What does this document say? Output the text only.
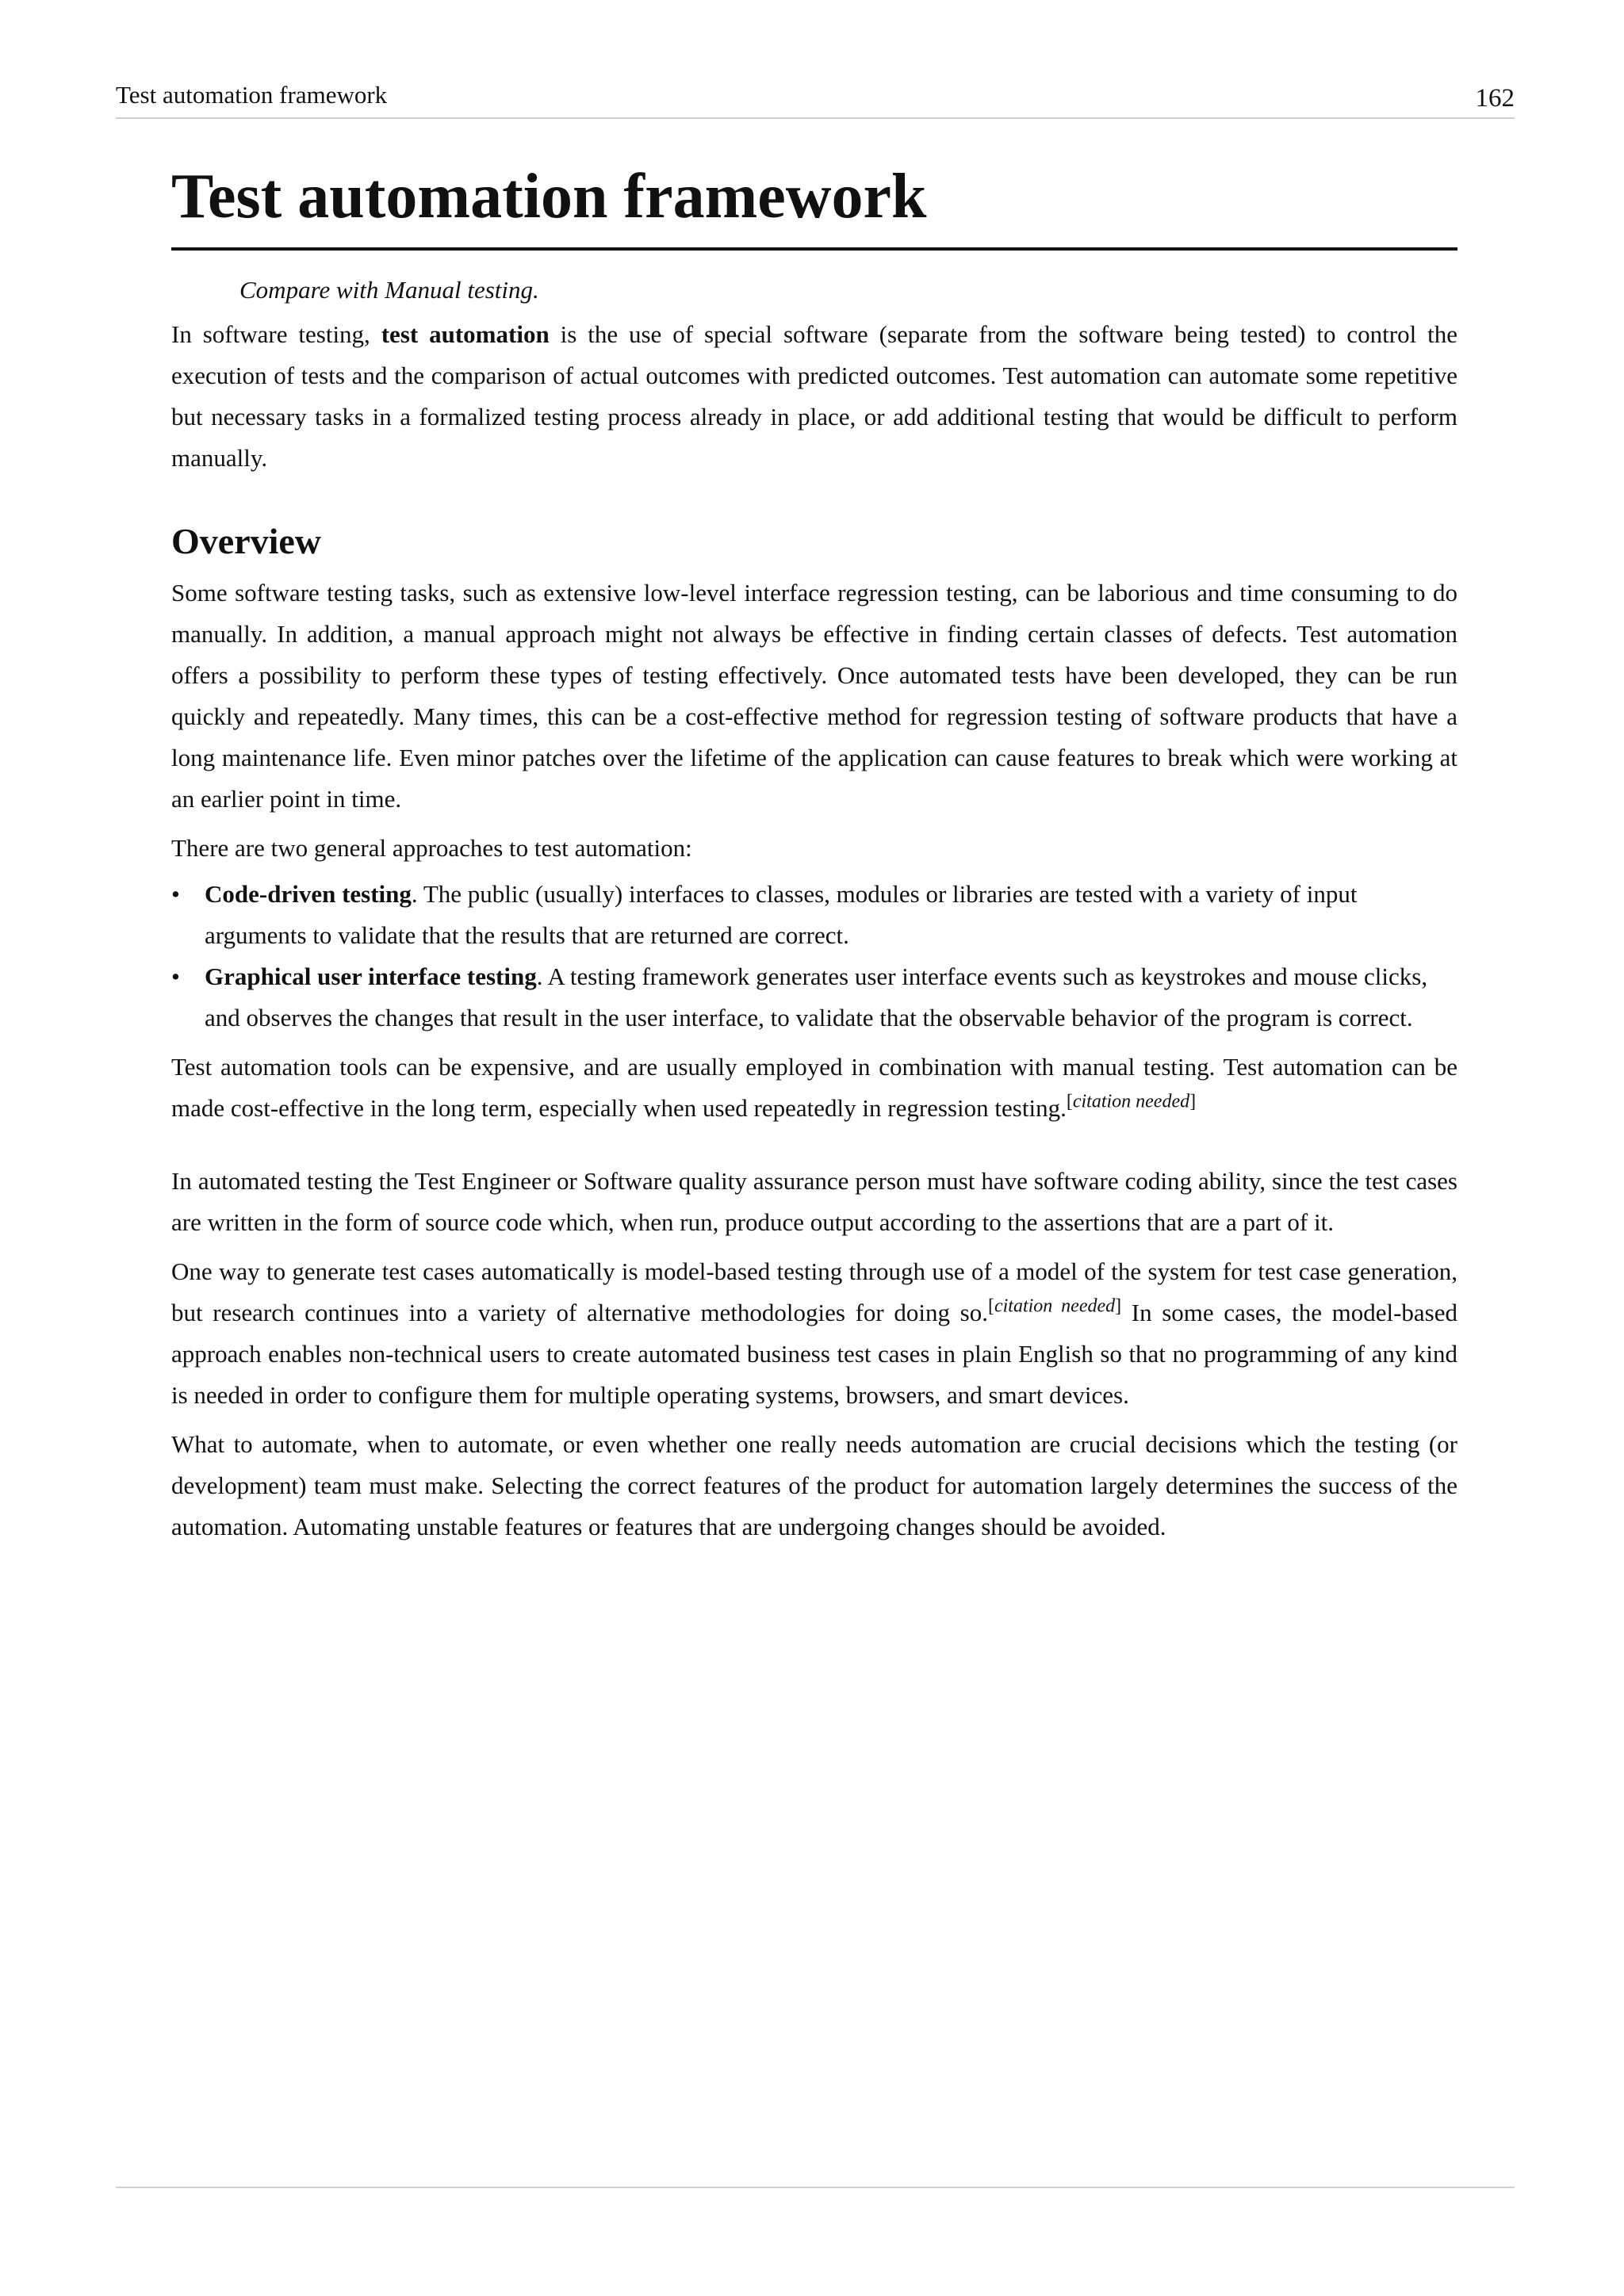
Test automation framework	162
Test automation framework
Compare with Manual testing.

In software testing, test automation is the use of special software (separate from the software being tested) to control the execution of tests and the comparison of actual outcomes with predicted outcomes. Test automation can automate some repetitive but necessary tasks in a formalized testing process already in place, or add additional testing that would be difficult to perform manually.

Overview

Some software testing tasks, such as extensive low-level interface regression testing, can be laborious and time consuming to do manually. In addition, a manual approach might not always be effective in finding certain classes of defects. Test automation offers a possibility to perform these types of testing effectively. Once automated tests have been developed, they can be run quickly and repeatedly. Many times, this can be a cost-effective method for regression testing of software products that have a long maintenance life. Even minor patches over the lifetime of the application can cause features to break which were working at an earlier point in time.

There are two general approaches to test automation:

• Code-driven testing. The public (usually) interfaces to classes, modules or libraries are tested with a variety of input arguments to validate that the results that are returned are correct.
• Graphical user interface testing. A testing framework generates user interface events such as keystrokes and mouse clicks, and observes the changes that result in the user interface, to validate that the observable behavior of the program is correct.

Test automation tools can be expensive, and are usually employed in combination with manual testing. Test automation can be made cost-effective in the long term, especially when used repeatedly in regression testing.[citation needed]

In automated testing the Test Engineer or Software quality assurance person must have software coding ability, since the test cases are written in the form of source code which, when run, produce output according to the assertions that are a part of it.

One way to generate test cases automatically is model-based testing through use of a model of the system for test case generation, but research continues into a variety of alternative methodologies for doing so.[citation needed] In some cases, the model-based approach enables non-technical users to create automated business test cases in plain English so that no programming of any kind is needed in order to configure them for multiple operating systems, browsers, and smart devices.

What to automate, when to automate, or even whether one really needs automation are crucial decisions which the testing (or development) team must make. Selecting the correct features of the product for automation largely determines the success of the automation. Automating unstable features or features that are undergoing changes should be avoided.
